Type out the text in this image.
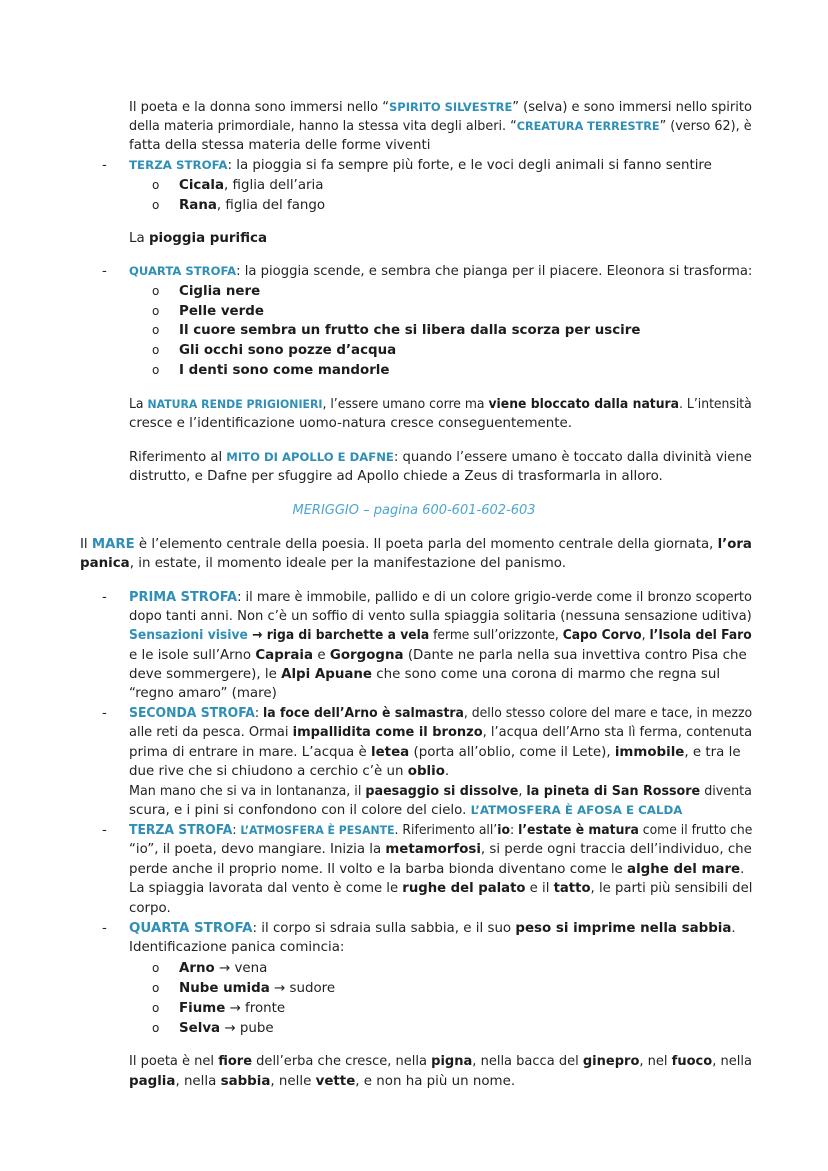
Il poeta e la donna sono immersi nello “SPIRITO SILVESTRE” (selva) e sono immersi nello spirito
della materia primordiale, hanno la stessa vita degli alberi. “CREATURA TERRESTRE” (verso 62), è
fatta della stessa materia delle forme viventi
- TERZA STROFA: la pioggia si fa sempre più forte, e le voci degli animali si fanno sentire
o Cicala, figlia dell’aria
o Rana, figlia del fango
La pioggia purifica
- QUARTA STROFA: la pioggia scende, e sembra che pianga per il piacere. Eleonora si trasforma:
o Ciglia nere
o Pelle verde
o Il cuore sembra un frutto che si libera dalla scorza per uscire
o Gli occhi sono pozze d’acqua
o I denti sono come mandorle
La NATURA RENDE PRIGIONIERI, l’essere umano corre ma viene bloccato dalla natura. L’intensità
cresce e l’identificazione uomo-natura cresce conseguentemente.
Riferimento al MITO DI APOLLO E DAFNE: quando l’essere umano è toccato dalla divinità viene
distrutto, e Dafne per sfuggire ad Apollo chiede a Zeus di trasformarla in alloro.
MERIGGIO – pagina 600-601-602-603
Il MARE è l’elemento centrale della poesia. Il poeta parla del momento centrale della giornata, l’ora
panica, in estate, il momento ideale per la manifestazione del panismo.
- PRIMA STROFA: il mare è immobile, pallido e di un colore grigio-verde come il bronzo scoperto
dopo tanti anni. Non c’è un soffio di vento sulla spiaggia solitaria (nessuna sensazione uditiva)
Sensazioni visive → riga di barchette a vela ferme sull’orizzonte, Capo Corvo, l’Isola del Faro
e le isole sull’Arno Capraia e Gorgogna (Dante ne parla nella sua invettiva contro Pisa che
deve sommergere), le Alpi Apuane che sono come una corona di marmo che regna sul
“regno amaro” (mare)
- SECONDA STROFA: la foce dell’Arno è salmastra, dello stesso colore del mare e tace, in mezzo
alle reti da pesca. Ormai impallidita come il bronzo, l’acqua dell’Arno sta lì ferma, contenuta
prima di entrare in mare. L’acqua è letea (porta all’oblio, come il Lete), immobile, e tra le
due rive che si chiudono a cerchio c’è un oblio.
Man mano che si va in lontananza, il paesaggio si dissolve, la pineta di San Rossore diventa
scura, e i pini si confondono con il colore del cielo. L’ATMOSFERA È AFOSA E CALDA
- TERZA STROFA: L’ATMOSFERA È PESANTE. Riferimento all’io: l’estate è matura come il frutto che
“io”, il poeta, devo mangiare. Inizia la metamorfosi, si perde ogni traccia dell’individuo, che
perde anche il proprio nome. Il volto e la barba bionda diventano come le alghe del mare.
La spiaggia lavorata dal vento è come le rughe del palato e il tatto, le parti più sensibili del
corpo.
- QUARTA STROFA: il corpo si sdraia sulla sabbia, e il suo peso si imprime nella sabbia.
Identificazione panica comincia:
o Arno → vena
o Nube umida → sudore
o Fiume → fronte
o Selva → pube
Il poeta è nel fiore dell’erba che cresce, nella pigna, nella bacca del ginepro, nel fuoco, nella
paglia, nella sabbia, nelle vette, e non ha più un nome.
